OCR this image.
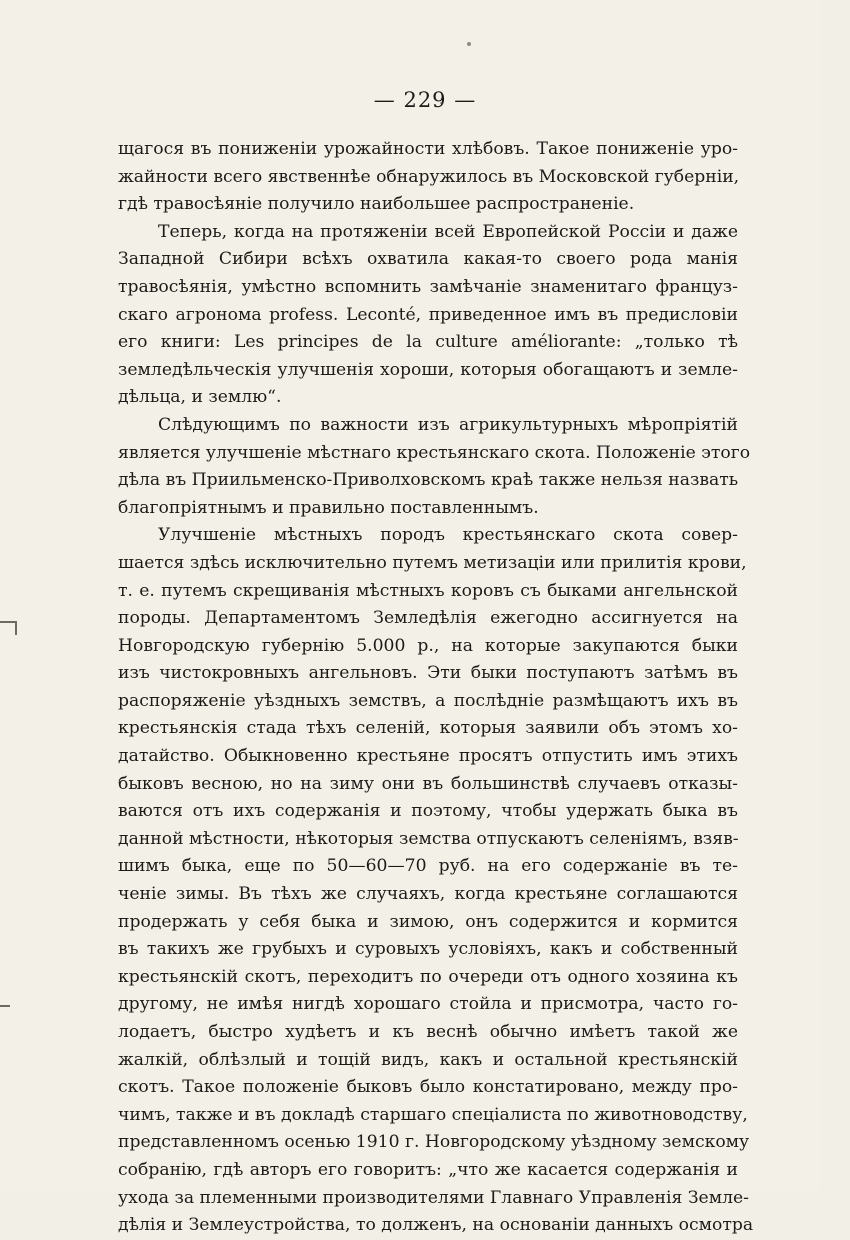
— 229 —
щагося въ пониженіи урожайности хлѣбовъ. Такое пониженіе уро-
жайности всего явственнѣе обнаружилось въ Московской губерніи,
гдѣ травосѣяніе получило наибольшее распространеніе.
Теперь, когда на протяженіи всей Европейской Россіи и даже
Западной Сибири всѣхъ охватила какая-то своего рода манія
травосѣянія, умѣстно вспомнить замѣчаніе знаменитаго француз-
скаго агронома profess. Leconté, приведенное имъ въ предисловіи
его книги: Les principes de la culture améliorante: „только тѣ
земледѣльческія улучшенія хороши, которыя обогащаютъ и земле-
дѣльца, и землю“.
Слѣдующимъ по важности изъ агрикультурныхъ мѣропріятій
является улучшеніе мѣстнаго крестьянскаго скота. Положеніе этого
дѣла въ Приильменско-Приволховскомъ краѣ также нельзя назвать
благопріятнымъ и правильно поставленнымъ.
Улучшеніе мѣстныхъ породъ крестьянскаго скота совер-
шается здѣсь исключительно путемъ метизаціи или прилитія крови,
т. е. путемъ скрещиванія мѣстныхъ коровъ съ быками ангельнской
породы. Департаментомъ Земледѣлія ежегодно ассигнуется на
Новгородскую губернію 5.000 р., на которые закупаются быки
изъ чистокровныхъ ангельновъ. Эти быки поступаютъ затѣмъ въ
распоряженіе уѣздныхъ земствъ, а послѣдніе размѣщаютъ ихъ въ
крестьянскія стада тѣхъ селеній, которыя заявили объ этомъ хо-
датайство. Обыкновенно крестьяне просятъ отпустить имъ этихъ
быковъ весною, но на зиму они въ большинствѣ случаевъ отказы-
ваются отъ ихъ содержанія и поэтому, чтобы удержать быка въ
данной мѣстности, нѣкоторыя земства отпускаютъ селеніямъ, взяв-
шимъ быка, еще по 50—60—70 руб. на его содержаніе въ те-
ченіе зимы. Въ тѣхъ же случаяхъ, когда крестьяне соглашаются
продержать у себя быка и зимою, онъ содержится и кормится
въ такихъ же грубыхъ и суровыхъ условіяхъ, какъ и собственный
крестьянскій скотъ, переходитъ по очереди отъ одного хозяина къ
другому, не имѣя нигдѣ хорошаго стойла и присмотра, часто го-
лодаетъ, быстро худѣетъ и къ веснѣ обычно имѣетъ такой же
жалкій, облѣзлый и тощій видъ, какъ и остальной крестьянскій
скотъ. Такое положеніе быковъ было констатировано, между про-
чимъ, также и въ докладѣ старшаго спеціалиста по животноводству,
представленномъ осенью 1910 г. Новгородскому уѣздному земскому
собранію, гдѣ авторъ его говоритъ: „что же касается содержанія и
ухода за племенными производителями Главнаго Управленія Земле-
дѣлія и Землеустройства, то долженъ, на основаніи данныхъ осмотра
